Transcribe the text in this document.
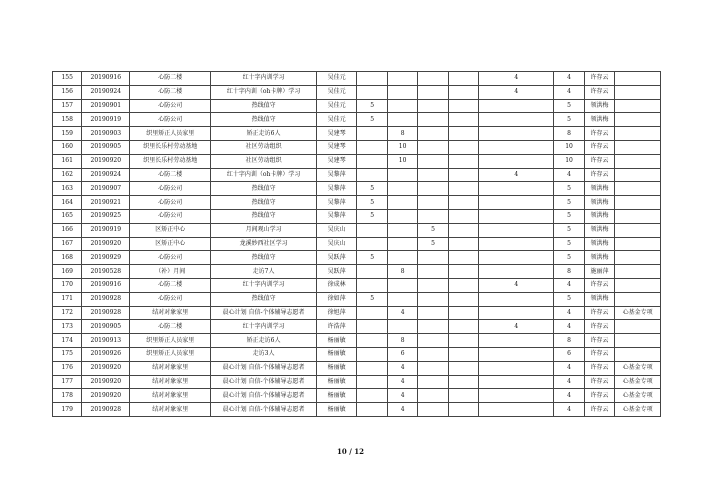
155	20190916	心防二楼	红十字内训学习	吴佳元					4	4	许存云	
156	20190924	心防二楼	红十字内训（oh卡牌）学习	吴佳元					4	4	许存云	
157	20190901	心防公司	热线值守	吴佳元	5					5	领洪梅	
158	20190919	心防公司	热线值守	吴佳元	5					5	领洪梅	
159	20190903	织里矫正人员家里	矫正走访6人	吴建琴		8				8	许存云	
160	20190905	织里长乐村劳动基地	社区劳动组织	吴建琴		10				10	许存云	
161	20190920	织里长乐村劳动基地	社区劳动组织	吴建琴		10				10	许存云	
162	20190924	心防二楼	红十字内训（oh卡牌）学习	吴黎萍					4	4	许存云	
163	20190907	心防公司	热线值守	吴黎萍	5					5	领洪梅	
164	20190921	心防公司	热线值守	吴黎萍	5					5	领洪梅	
165	20190925	心防公司	热线值守	吴黎萍	5					5	领洪梅	
166	20190919	区矫正中心	月间观山学习	吴庆山			5			5	领洪梅	
167	20190920	区矫正中心	龙溪妙西社区学习	吴庆山			5			5	领洪梅	
168	20190929	心防公司	热线值守	吴跃萍	5					5	领洪梅	
169	20190528	（补）月间	走访7人	吴跃萍		8				8	施丽萍	
170	20190916	心防二楼	红十字内训学习	徐成林					4	4	许存云	
171	20190928	心防公司	热线值守	徐如萍	5					5	领洪梅	
172	20190928	结对对象家里	晨心计划 自信-个体辅导志愿者	徐旭萍		4				4	许存云	心基金专项
173	20190905	心防二楼	红十字内训学习	许浩萍					4	4	许存云	
174	20190913	织里矫正人员家里	矫正走访6人	杨丽敏		8				8	许存云	
175	20190926	织里矫正人员家里	走访3人	杨丽敏		6				6	许存云	
176	20190920	结对对象家里	晨心计划 自信-个体辅导志愿者	杨丽敏		4				4	许存云	心基金专项
177	20190920	结对对象家里	晨心计划 自信-个体辅导志愿者	杨丽敏		4				4	许存云	心基金专项
178	20190920	结对对象家里	晨心计划 自信-个体辅导志愿者	杨丽敏		4				4	许存云	心基金专项
179	20190928	结对对象家里	晨心计划 自信-个体辅导志愿者	杨丽敏		4				4	许存云	心基金专项
10 / 12
